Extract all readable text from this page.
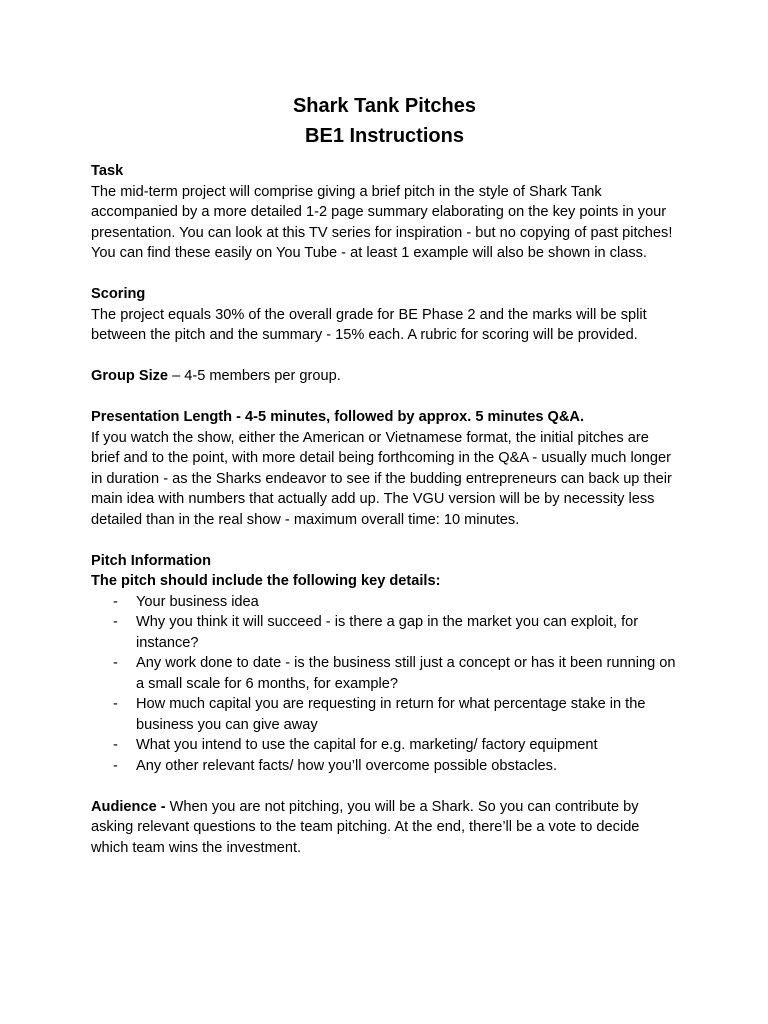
Shark Tank Pitches
BE1 Instructions

Task

The mid-term project will comprise giving a brief pitch in the style of Shark Tank accompanied by a more detailed 1-2 page summary elaborating on the key points in your presentation. You can look at this TV series for inspiration - but no copying of past pitches! You can find these easily on You Tube - at least 1 example will also be shown in class.

Scoring

The project equals 30% of the overall grade for BE Phase 2 and the marks will be split between the pitch and the summary - 15% each. A rubric for scoring will be provided.

Group Size – 4-5 members per group.

Presentation Length - 4-5 minutes, followed by approx. 5 minutes Q&A.

If you watch the show, either the American or Vietnamese format, the initial pitches are brief and to the point, with more detail being forthcoming in the Q&A - usually much longer in duration - as the Sharks endeavor to see if the budding entrepreneurs can back up their main idea with numbers that actually add up. The VGU version will be by necessity less detailed than in the real show - maximum overall time: 10 minutes.

Pitch Information

The pitch should include the following key details:

- Your business idea
- Why you think it will succeed - is there a gap in the market you can exploit, for instance?
- Any work done to date - is the business still just a concept or has it been running on a small scale for 6 months, for example?
- How much capital you are requesting in return for what percentage stake in the business you can give away
- What you intend to use the capital for e.g. marketing/ factory equipment
- Any other relevant facts/ how you’ll overcome possible obstacles.

Audience - When you are not pitching, you will be a Shark. So you can contribute by asking relevant questions to the team pitching. At the end, there’ll be a vote to decide which team wins the investment.
